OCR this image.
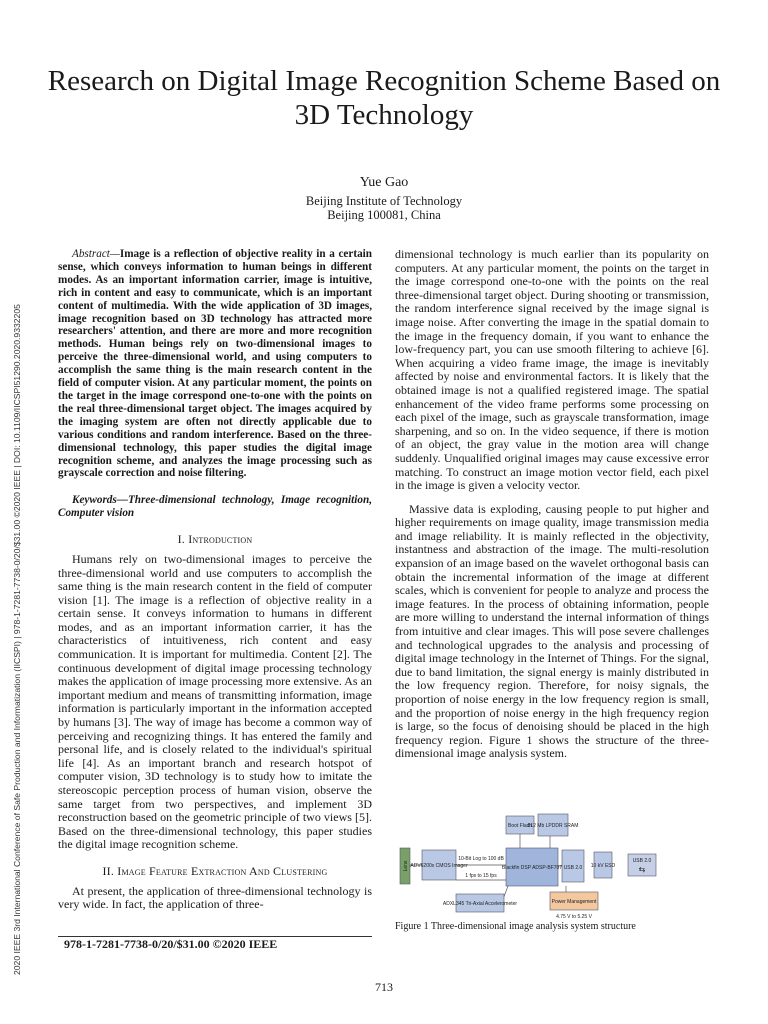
2020 IEEE 3rd International Conference of Safe Production and Informatization (IICSPI) | 978-1-7281-7738-0/20/$31.00 ©2020 IEEE | DOI: 10.1109/IICSPI51290.2020.9332205
Research on Digital Image Recognition Scheme Based on 3D Technology
Yue Gao
Beijing Institute of Technology
Beijing 100081, China

Abstract—Image is a reflection of objective reality in a certain sense, which conveys information to human beings in different modes. As an important information carrier, image is intuitive, rich in content and easy to communicate, which is an important content of multimedia. With the wide application of 3D images, image recognition based on 3D technology has attracted more researchers' attention, and there are more and more recognition methods. Human beings rely on two-dimensional images to perceive the three-dimensional world, and using computers to accomplish the same thing is the main research content in the field of computer vision. At any particular moment, the points on the target in the image correspond one-to-one with the points on the real three-dimensional target object. The images acquired by the imaging system are often not directly applicable due to various conditions and random interference. Based on the three-dimensional technology, this paper studies the digital image recognition scheme, and analyzes the image processing such as grayscale correction and noise filtering.

Keywords—Three-dimensional technology, Image recognition, Computer vision

I. Introduction

Humans rely on two-dimensional images to perceive the three-dimensional world and use computers to accomplish the same thing is the main research content in the field of computer vision [1]. The image is a reflection of objective reality in a certain sense. It conveys information to humans in different modes, and as an important information carrier, it has the characteristics of intuitiveness, rich content and easy communication. It is important for multimedia. Content [2]. The continuous development of digital image processing technology makes the application of image processing more extensive. As an important medium and means of transmitting information, image information is particularly important in the information accepted by humans [3]. The way of image has become a common way of perceiving and recognizing things. It has entered the family and personal life, and is closely related to the individual's spiritual life [4]. As an important branch and research hotspot of computer vision, 3D technology is to study how to imitate the stereoscopic perception process of human vision, observe the same target from two perspectives, and implement 3D reconstruction based on the geometric principle of two views [5]. Based on the three-dimensional technology, this paper studies the digital image recognition scheme.

II. Image Feature Extraction And Clustering

At present, the application of three-dimensional technology is very wide. In fact, the application of three-

dimensional technology is much earlier than its popularity on computers. At any particular moment, the points on the target in the image correspond one-to-one with the points on the real three-dimensional target object. During shooting or transmission, the random interference signal received by the image signal is image noise. After converting the image in the spatial domain to the image in the frequency domain, if you want to enhance the low-frequency part, you can use smooth filtering to achieve [6]. When acquiring a video frame image, the image is inevitably affected by noise and environmental factors. It is likely that the obtained image is not a qualified registered image. The spatial enhancement of the video frame performs some processing on each pixel of the image, such as grayscale transformation, image sharpening, and so on. In the video sequence, if there is motion of an object, the gray value in the motion area will change suddenly. Unqualified original images may cause excessive error matching. To construct an image motion vector field, each pixel in the image is given a velocity vector.

Massive data is exploding, causing people to put higher and higher requirements on image quality, image transmission media and image reliability. It is mainly reflected in the objectivity, instantness and abstraction of the image. The multi-resolution expansion of an image based on the wavelet orthogonal basis can obtain the incremental information of the image at different scales, which is convenient for people to analyze and process the image features. In the process of obtaining information, people are more willing to understand the internal information of things from intuitive and clear images. This will pose severe challenges and technological upgrades to the analysis and processing of digital image technology in the Internet of Things. For the signal, due to band limitation, the signal energy is mainly distributed in the low frequency region. Therefore, for noisy signals, the proportion of noise energy in the low frequency region is small, and the proportion of noise energy in the high frequency region is large, so the focus of denoising should be placed in the high frequency region. Figure 1 shows the structure of the three-dimensional image analysis system.

Lens ADV6200x CMOS Imager
Boot Flash
512 Mb LPDDR SRAM
Blackfin DSP ADSP-BF707 USB 2.0 10 kV ESD
USB 2.0
ADXL345 Tri-Axial Accelerometer	Power Management
10-Bit Log to 100 dB
1 fps to 15 fps
4.75 V to 5.25 V
⇆
Figure 1 Three-dimensional image analysis system structure
978-1-7281-7738-0/20/$31.00 ©2020 IEEE
713
